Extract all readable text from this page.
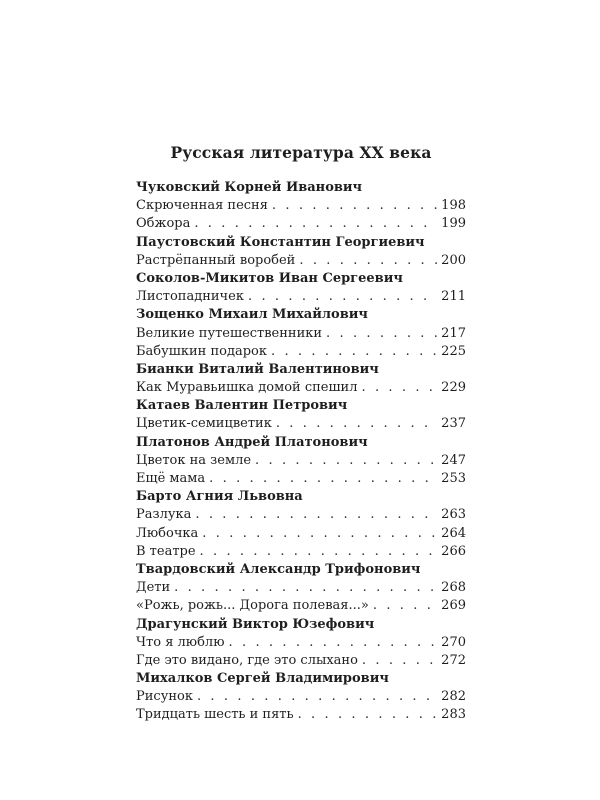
Русская литература XX века
Чуковский Корней Иванович
Скрюченная песня . . .	198
Обжора . . .	199
Паустовский Константин Георгиевич
Растрёпанный воробей . . .	200
Соколов-Микитов Иван Сергеевич
Листопадничек . . .	211
Зощенко Михаил Михайлович
Великие путешественники . . .	217
Бабушкин подарок . . .	225
Бианки Виталий Валентинович
Как Муравьишка домой спешил . . .	229
Катаев Валентин Петрович
Цветик-семицветик . . .	237
Платонов Андрей Платонович
Цветок на земле . . .	247
Ещё мама . . .	253
Барто Агния Львовна
Разлука . . .	263
Любочка . . .	264
В театре . . .	266
Твардовский Александр Трифонович
Дети . . .	268
«Рожь, рожь... Дорога полевая...» . . .	269
Драгунский Виктор Юзефович
Что я люблю . . .	270
Где это видано, где это слыхано . . .	272
Михалков Сергей Владимирович
Рисунок . . .	282
Тридцать шесть и пять . . .	283
